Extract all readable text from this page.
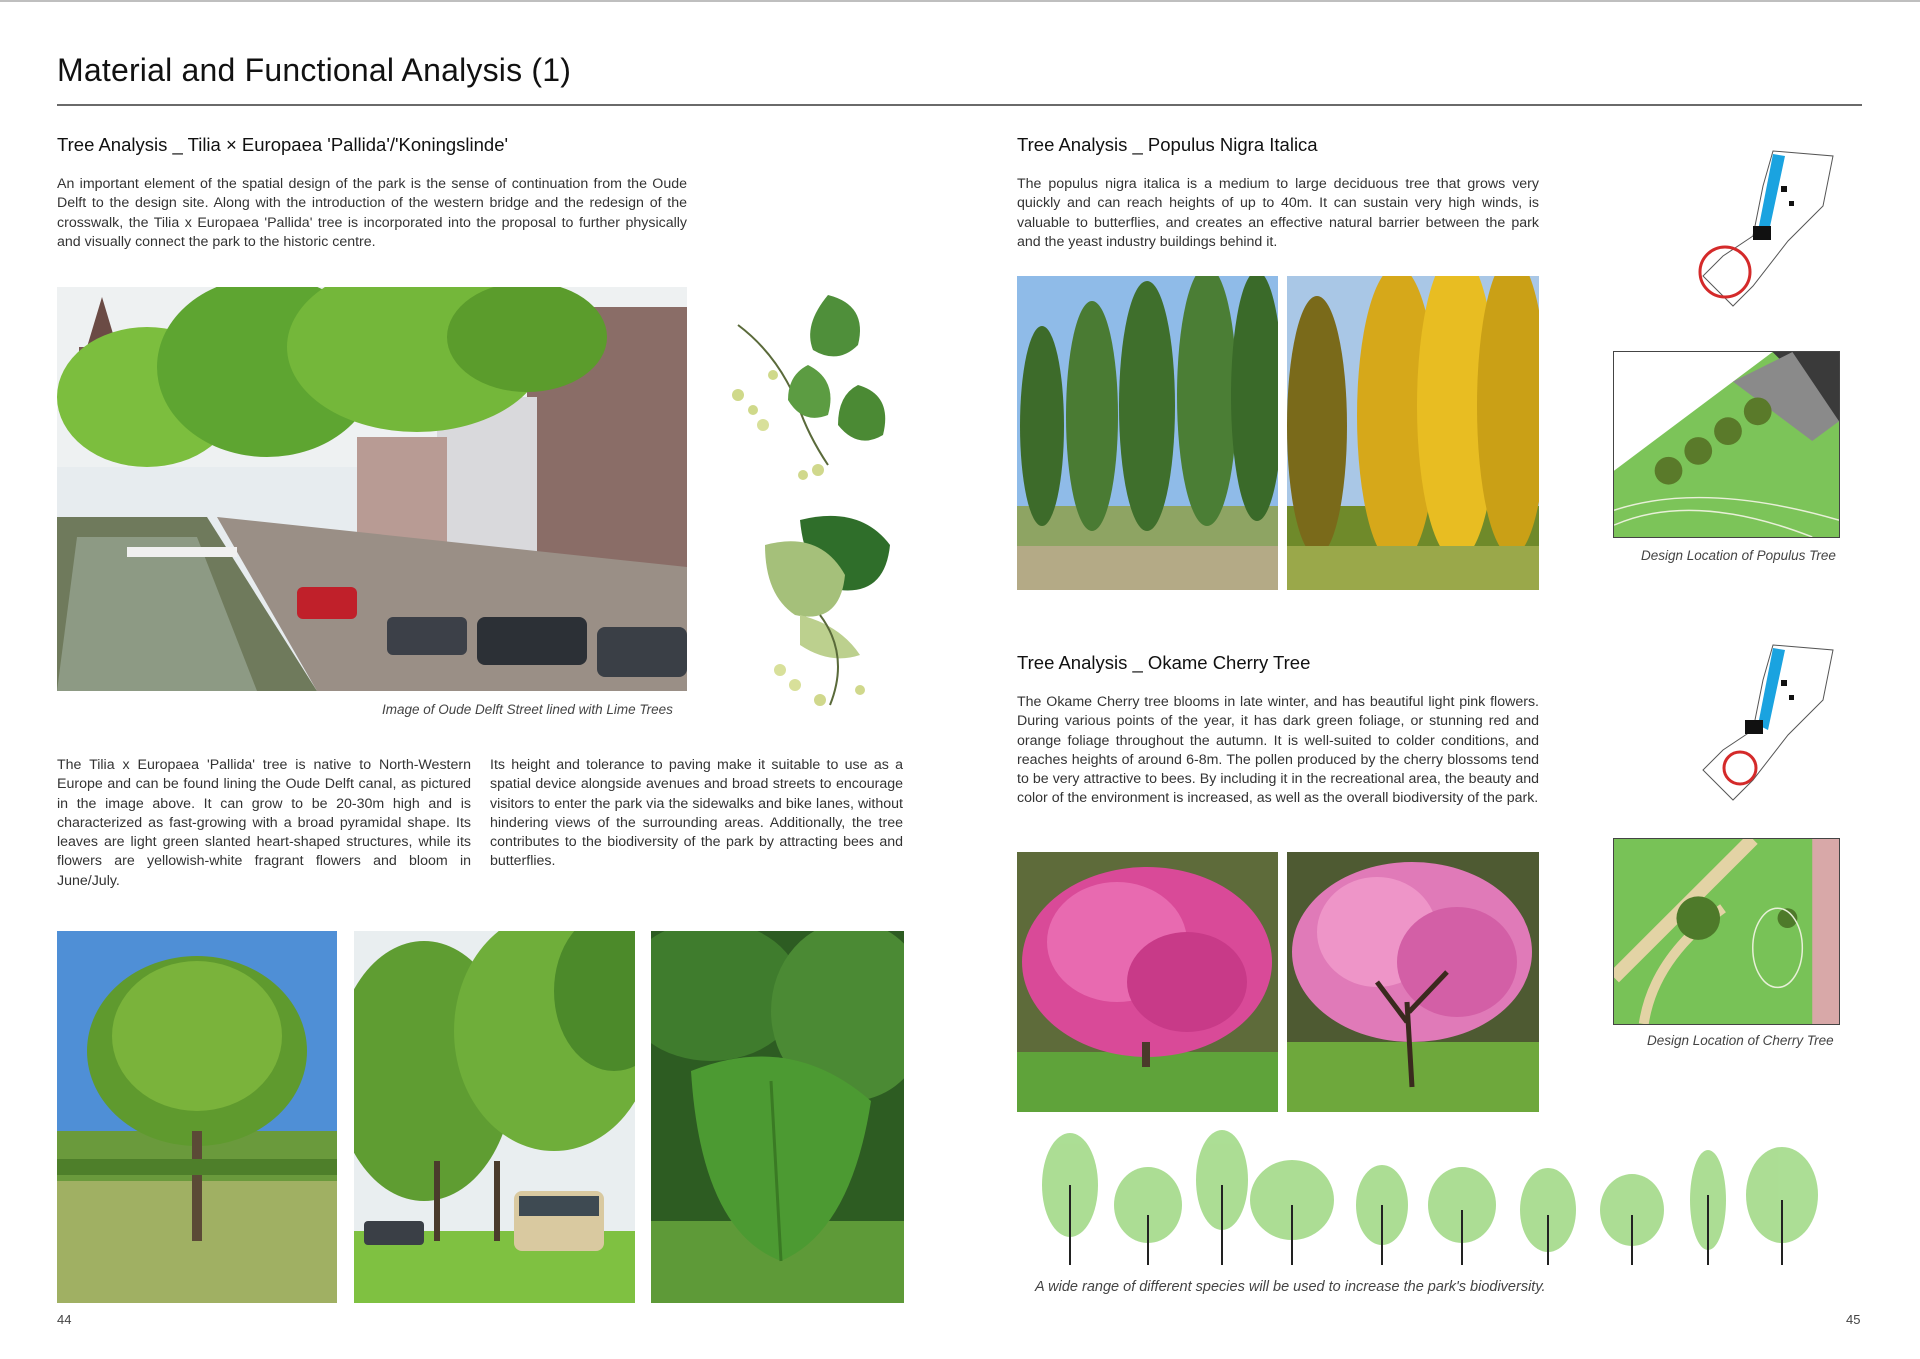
Material and Functional Analysis (1)
Tree Analysis _ Tilia × Europaea 'Pallida'/'Koningslinde'
An important element of the spatial design of the park is the sense of continuation from the Oude Delft to the design site. Along with the introduction of the western bridge and the redesign of the crosswalk, the Tilia x Europaea 'Pallida' tree is incorporated into the proposal to further physically and visually connect the park to the historic centre.
Image of Oude Delft Street lined with Lime Trees
The Tilia x Europaea 'Pallida' tree is native to North-Western Europe and can be found lining the Oude Delft canal, as pictured in the image above. It can grow to be 20-30m high and is characterized as fast-growing with a broad pyramidal shape. Its leaves are light green slanted heart-shaped structures, while its flowers are yellowish-white fragrant flowers and bloom in June/July.
Its height and tolerance to paving make it suitable to use as a spatial device alongside avenues and broad streets to encourage visitors to enter the park via the sidewalks and bike lanes, without hindering views of the surrounding areas. Additionally, the tree contributes to the biodiversity of the park by attracting bees and butterflies.
44
Tree Analysis _ Populus Nigra Italica
The populus nigra italica is a medium to large deciduous tree that grows very quickly and can reach heights of up to 40m. It can sustain very high winds, is valuable to butterflies, and creates an effective natural barrier between the park and the yeast industry buildings behind it.
Design Location of Populus Tree
Tree Analysis _ Okame Cherry Tree
The Okame Cherry tree blooms in late winter, and has beautiful light pink flowers. During various points of the year, it has dark green foliage, or stunning red and orange foliage throughout the autumn. It is well-suited to colder conditions, and reaches heights of around 6-8m. The pollen produced by the cherry blossoms tend to be very attractive to bees. By including it in the recreational area, the beauty and color of the environment is increased, as well as the overall biodiversity of the park.
Design Location of Cherry Tree
A wide range of different species will be used to increase the park's biodiversity.
45
